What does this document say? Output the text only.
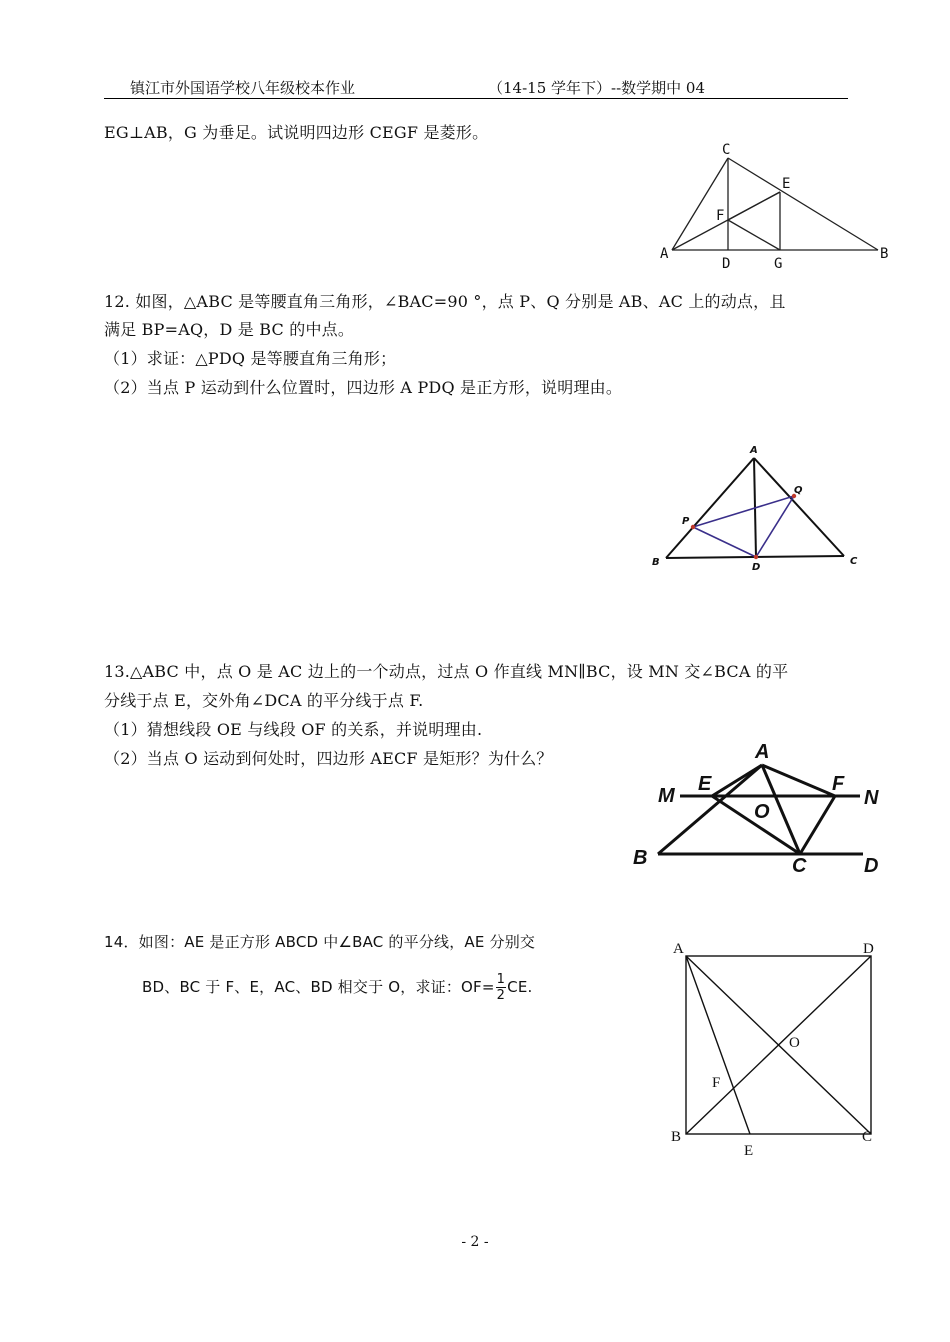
镇江市外国语学校八年级校本作业	（14-15 学年下）--数学期中 04
EG⊥AB，G 为垂足。试说明四边形 CEGF 是菱形。
C
E
F
A
D	G
B
12. 如图，△ABC 是等腰直角三角形，∠BAC=90 °，点 P、Q 分别是 AB、AC 上的动点，且
满足 BP=AQ，D 是 BC 的中点。
（1）求证：△PDQ 是等腰直角三角形；
（2）当点 P 运动到什么位置时，四边形 A PDQ 是正方形，说明理由。
A
Q
P
B	D
C
13.△ABC 中，点 O 是 AC 边上的一个动点，过点 O 作直线 MN∥BC，设 MN 交∠BCA 的平
分线于点 E，交外角∠DCA 的平分线于点 F.
（1）猜想线段 OE 与线段 OF 的关系，并说明理由.
（2）当点 O 运动到何处时，四边形 AECF 是矩形？为什么？	A
M
E	F
N
O
B	C	D
14．如图：AE 是正方形 ABCD 中∠BAC 的平分线，AE 分别交
BD、BC 于 F、E，AC、BD 相交于 O，求证：$OF= \frac{1}{2}$ CE.
A	D
O
F
B	C
E
- 2 -
